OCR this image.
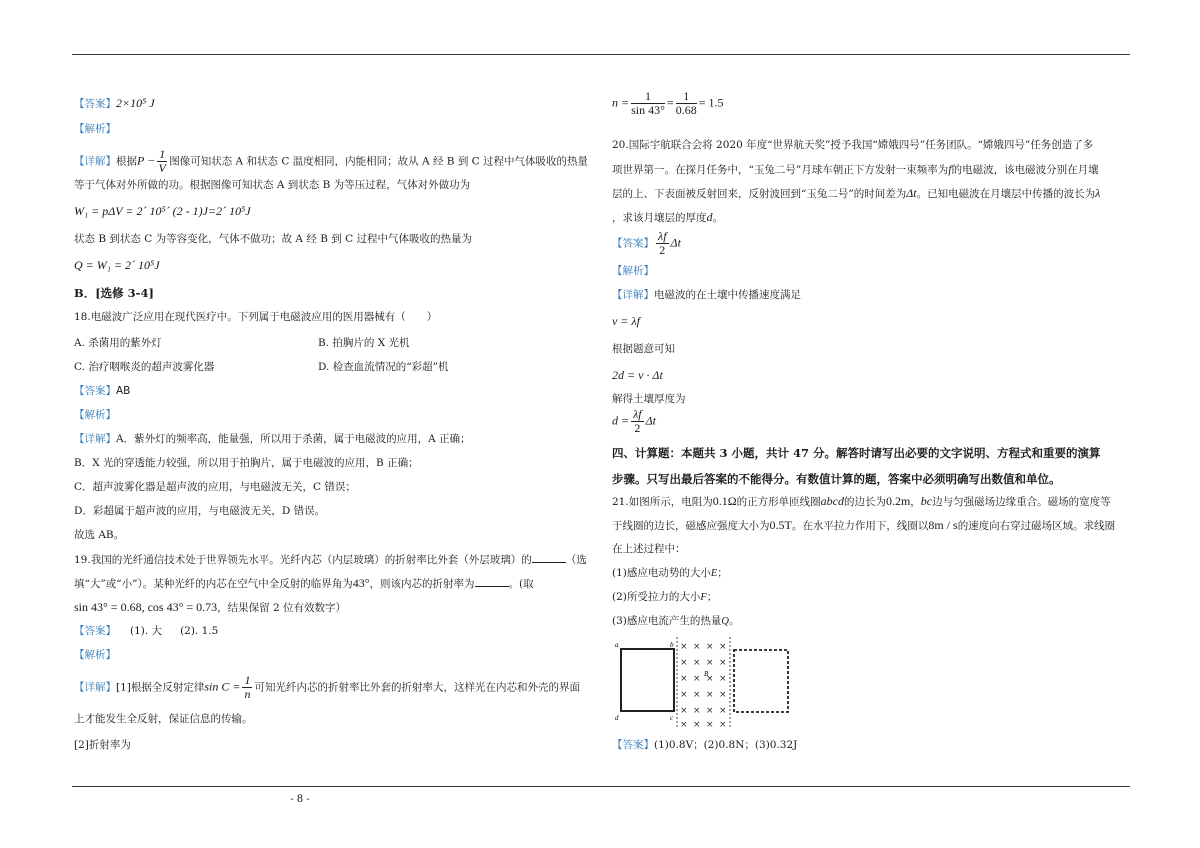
- 8 -
【答案】2×10⁵ J
【解析】
【详解】根据$P - \frac{1}{V}$ 图像可知状态 A 和状态 C 温度相同，内能相同；故从 A 经 B 到 C 过程中气体吸收的热量
等于气体对外所做的功。根据图像可知状态 A 到状态 B 为等压过程，气体对外做功为
W₁ = pΔV = 2´ 10⁵´ (2 - 1)J=2´ 10⁵J
状态 B 到状态 C 为等容变化，气体不做功；故 A 经 B 到 C 过程中气体吸收的热量为
Q = W₁ = 2´ 10⁵J
B．[选修 3-4]
18.电磁波广泛应用在现代医疗中。下列属于电磁波应用的医用器械有（　　）
A. 杀菌用的紫外灯	B. 拍胸片的 X 光机
C. 治疗咽喉炎的超声波雾化器	D. 检查血流情况的“彩超”机
【答案】AB
【解析】
【详解】A．紫外灯的频率高，能量强，所以用于杀菌，属于电磁波的应用，A 正确；
B．X 光的穿透能力较强，所以用于拍胸片，属于电磁波的应用，B 正确；
C．超声波雾化器是超声波的应用，与电磁波无关，C 错误；
D．彩超属于超声波的应用，与电磁波无关，D 错误。
故选 AB。
19.我国的光纤通信技术处于世界领先水平。光纤内芯（内层玻璃）的折射率比外套（外层玻璃）的	（选
填“大”或“小”）。某种光纤的内芯在空气中全反射的临界角为43°，则该内芯的折射率为	。(取
sin 43° = 0.68, cos 43° = 0.73，结果保留 2 位有效数字）
【答案】 (1). 大 (2). 1.5
【解析】
【详解】[1]根据全反射定律$\sin C = \frac{1}{n}$ 可知光纤内芯的折射率比外套的折射率大，这样光在内芯和外壳的界面
上才能发生全反射，保证信息的传输。
[2]折射率为
$n = \frac{1}{\sin 43^\circ} = \frac{1}{0.68} = 1.5$
20.国际宇航联合会将 2020 年度“世界航天奖”授予我国“嫦娥四号”任务团队。“嫦娥四号”任务创造了多
项世界第一。在探月任务中，“玉兔二号”月球车朝正下方发射一束频率为f的电磁波，该电磁波分别在月壤
层的上、下表面被反射回来，反射波回到“玉兔二号”的时间差为Δt。已知电磁波在月壤层中传播的波长为λ
，求该月壤层的厚度d。
【答案】 $\frac{\lambda f}{2}$ Δt
【解析】
【详解】电磁波的在土壤中传播速度满足
v = λf
根据题意可知
2d = v · Δt
解得土壤厚度为
$d = \frac{\lambda f}{2}$ Δt
四、计算题：本题共 3 小题，共计 47 分。解答时请写出必要的文字说明、方程式和重要的演算
步骤。只写出最后答案的不能得分。有数值计算的题，答案中必须明确写出数值和单位。
21.如图所示，电阻为0.1Ω的正方形单匝线圈abcd的边长为0.2m，bc边与匀强磁场边缘重合。磁场的宽度等
于线圈的边长，磁感应强度大小为0.5T。在水平拉力作用下，线圈以8m / s的速度向右穿过磁场区域。求线圈
在上述过程中：
(1)感应电动势的大小E；
(2)所受拉力的大小F；
(3)感应电流产生的热量Q。
a	b
d	c
B
× × × ×
× × × ×
× × × ×
× × × ×
× × × ×
× × × ×
【答案】(1)0.8V；(2)0.8N；(3)0.32J
